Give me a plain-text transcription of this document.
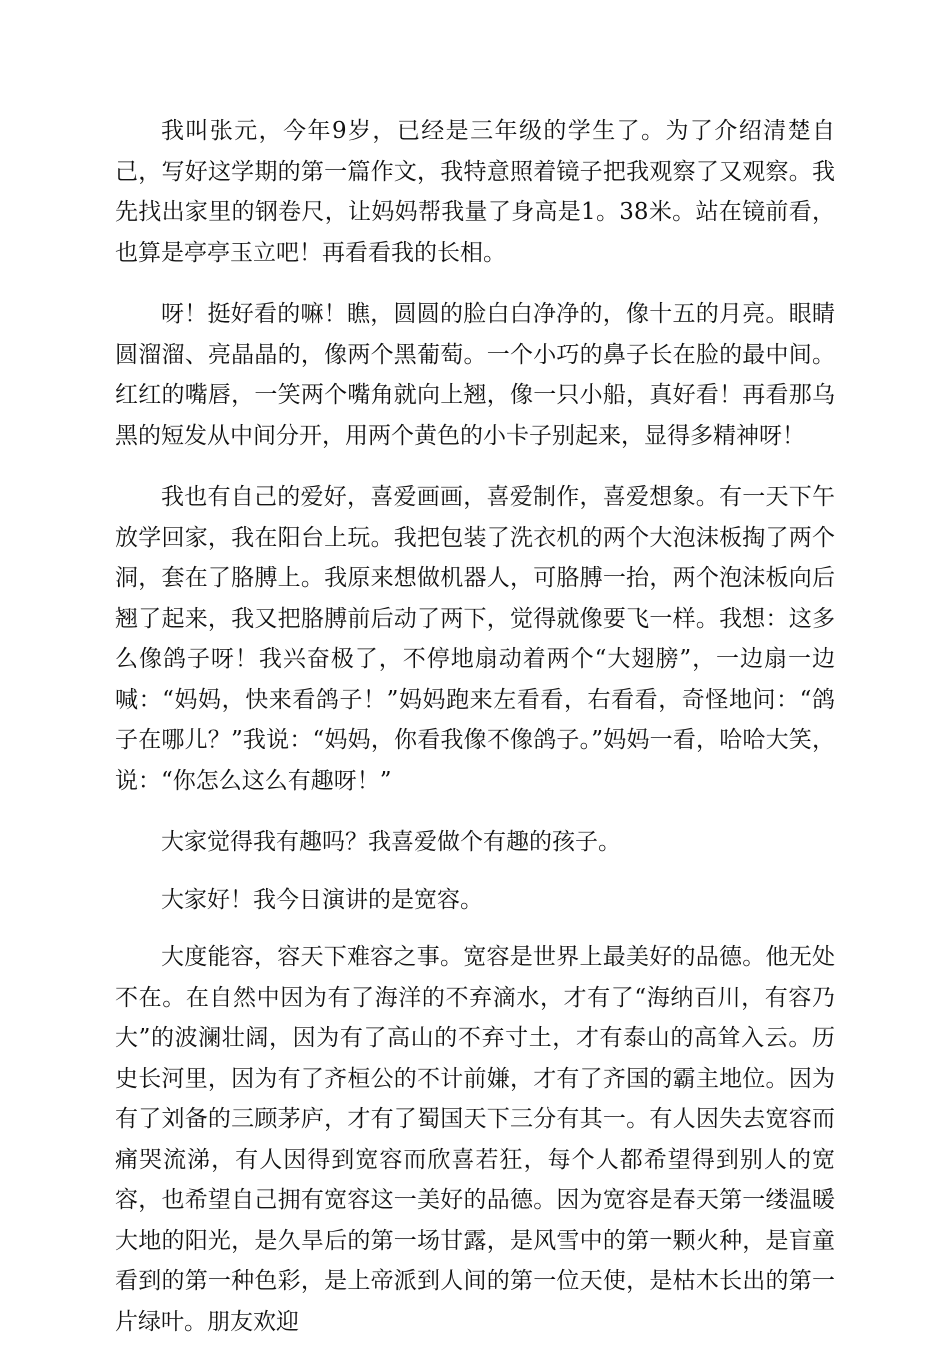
我叫张元，今年9岁，已经是三年级的学生了。为了介绍清楚自己，写好这学期的第一篇作文，我特意照着镜子把我观察了又观察。我先找出家里的钢卷尺，让妈妈帮我量了身高是1。38米。站在镜前看，也算是亭亭玉立吧！再看看我的长相。

呀！挺好看的嘛！瞧，圆圆的脸白白净净的，像十五的月亮。眼睛圆溜溜、亮晶晶的，像两个黑葡萄。一个小巧的鼻子长在脸的最中间。红红的嘴唇，一笑两个嘴角就向上翘，像一只小船，真好看！再看那乌黑的短发从中间分开，用两个黄色的小卡子别起来，显得多精神呀！

我也有自己的爱好，喜爱画画，喜爱制作，喜爱想象。有一天下午放学回家，我在阳台上玩。我把包装了洗衣机的两个大泡沫板掏了两个洞，套在了胳膊上。我原来想做机器人，可胳膊一抬，两个泡沫板向后翘了起来，我又把胳膊前后动了两下，觉得就像要飞一样。我想：这多么像鸽子呀！我兴奋极了，不停地扇动着两个“大翅膀”，一边扇一边喊：“妈妈，快来看鸽子！”妈妈跑来左看看，右看看，奇怪地问：“鸽子在哪儿？”我说：“妈妈，你看我像不像鸽子。”妈妈一看，哈哈大笑，说：“你怎么这么有趣呀！”

大家觉得我有趣吗？我喜爱做个有趣的孩子。

大家好！我今日演讲的是宽容。

大度能容，容天下难容之事。宽容是世界上最美好的品德。他无处不在。在自然中因为有了海洋的不弃滴水，才有了“海纳百川，有容乃大”的波澜壮阔，因为有了高山的不弃寸土，才有泰山的高耸入云。历史长河里，因为有了齐桓公的不计前嫌，才有了齐国的霸主地位。因为有了刘备的三顾茅庐，才有了蜀国天下三分有其一。有人因失去宽容而痛哭流涕，有人因得到宽容而欣喜若狂，每个人都希望得到别人的宽容，也希望自己拥有宽容这一美好的品德。因为宽容是春天第一缕温暖大地的阳光，是久旱后的第一场甘露，是风雪中的第一颗火种，是盲童看到的第一种色彩，是上帝派到人间的第一位天使，是枯木长出的第一片绿叶。朋友欢迎
